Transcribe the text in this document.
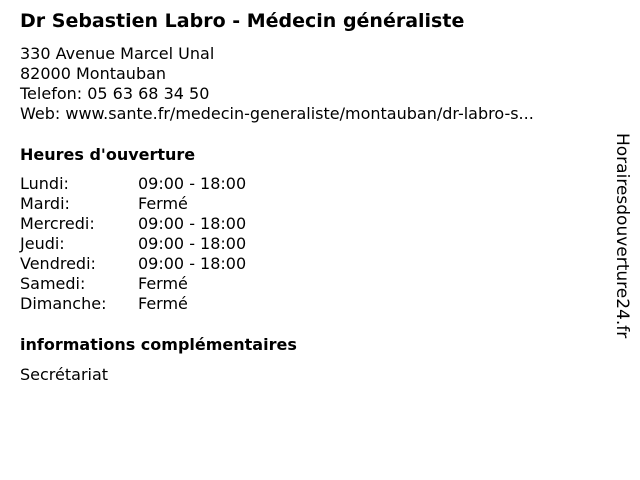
Dr Sebastien Labro - Médecin généraliste
330 Avenue Marcel Unal
82000 Montauban
Telefon: 05 63 68 34 50
Web: www.sante.fr/medecin-generaliste/montauban/dr-labro-s...
Heures d'ouverture
Lundi:	09:00 - 18:00
Mardi:	Fermé
Mercredi:	09:00 - 18:00
Jeudi:	09:00 - 18:00
Vendredi:	09:00 - 18:00
Samedi:	Fermé
Dimanche:	Fermé
informations complémentaires
Secrétariat
Horairesdouverture24.fr
